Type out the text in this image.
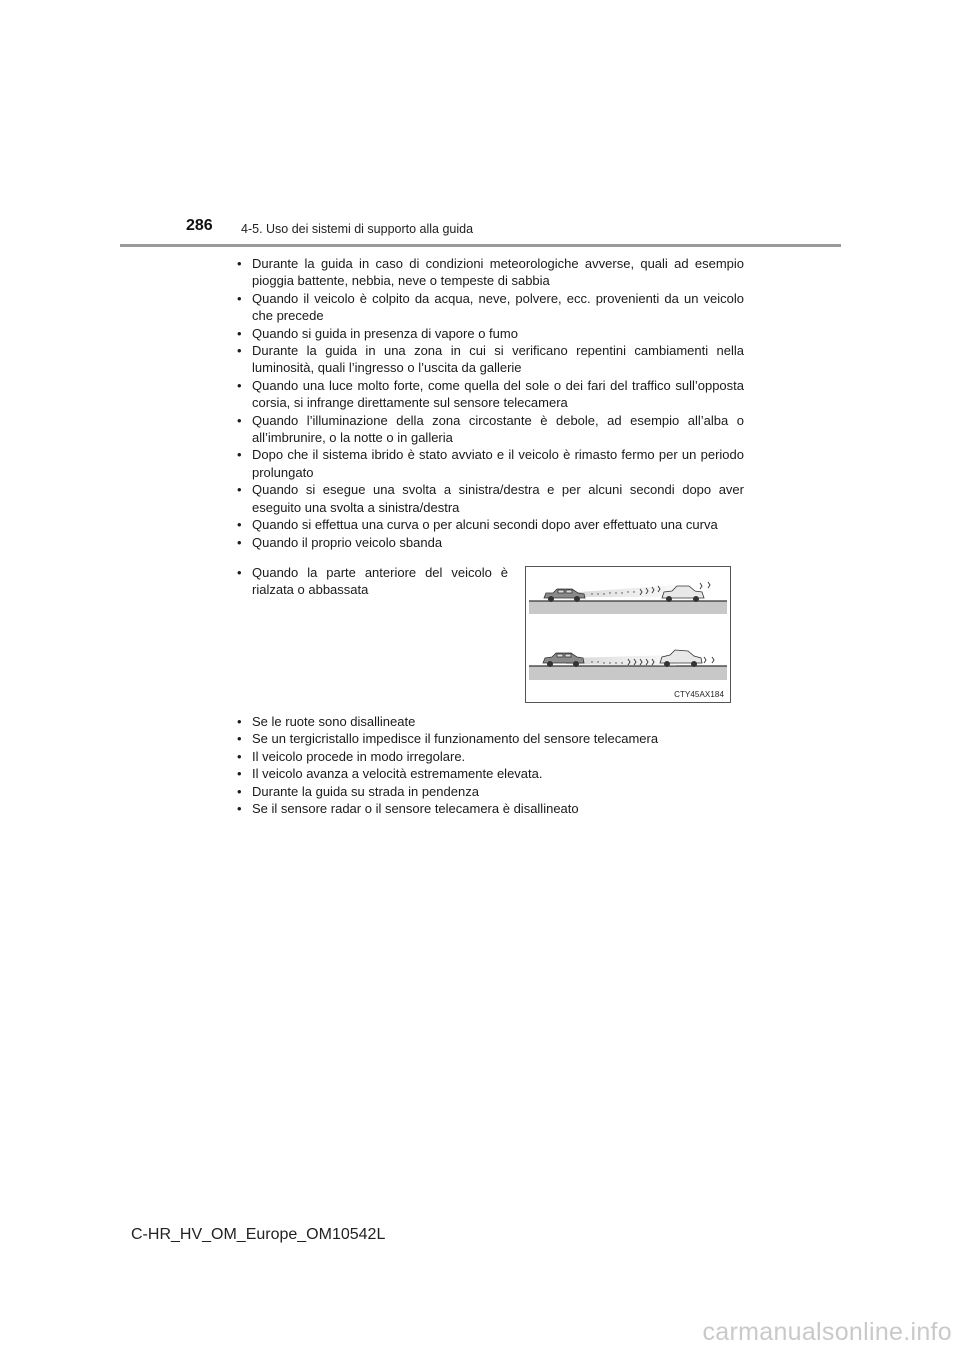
286 4-5. Uso dei sistemi di supporto alla guida
• Durante la guida in caso di condizioni meteorologiche avverse, quali ad esempio pioggia battente, nebbia, neve o tempeste di sabbia
• Quando il veicolo è colpito da acqua, neve, polvere, ecc. provenienti da un veicolo che precede
• Quando si guida in presenza di vapore o fumo
• Durante la guida in una zona in cui si verificano repentini cambiamenti nella luminosità, quali l’ingresso o l’uscita da gallerie
• Quando una luce molto forte, come quella del sole o dei fari del traffico sull’opposta corsia, si infrange direttamente sul sensore telecamera
• Quando l’illuminazione della zona circostante è debole, ad esempio all’alba o all’imbrunire, o la notte o in galleria
• Dopo che il sistema ibrido è stato avviato e il veicolo è rimasto fermo per un periodo prolungato
• Quando si esegue una svolta a sinistra/destra e per alcuni secondi dopo aver eseguito una svolta a sinistra/destra
• Quando si effettua una curva o per alcuni secondi dopo aver effettuato una curva
• Quando il proprio veicolo sbanda
• Quando la parte anteriore del veicolo è rialzata o abbassata
CTY45AX184
• Se le ruote sono disallineate
• Se un tergicristallo impedisce il funzionamento del sensore telecamera
• Il veicolo procede in modo irregolare.
• Il veicolo avanza a velocità estremamente elevata.
• Durante la guida su strada in pendenza
• Se il sensore radar o il sensore telecamera è disallineato
C-HR_HV_OM_Europe_OM10542L
carmanualsonline.info
